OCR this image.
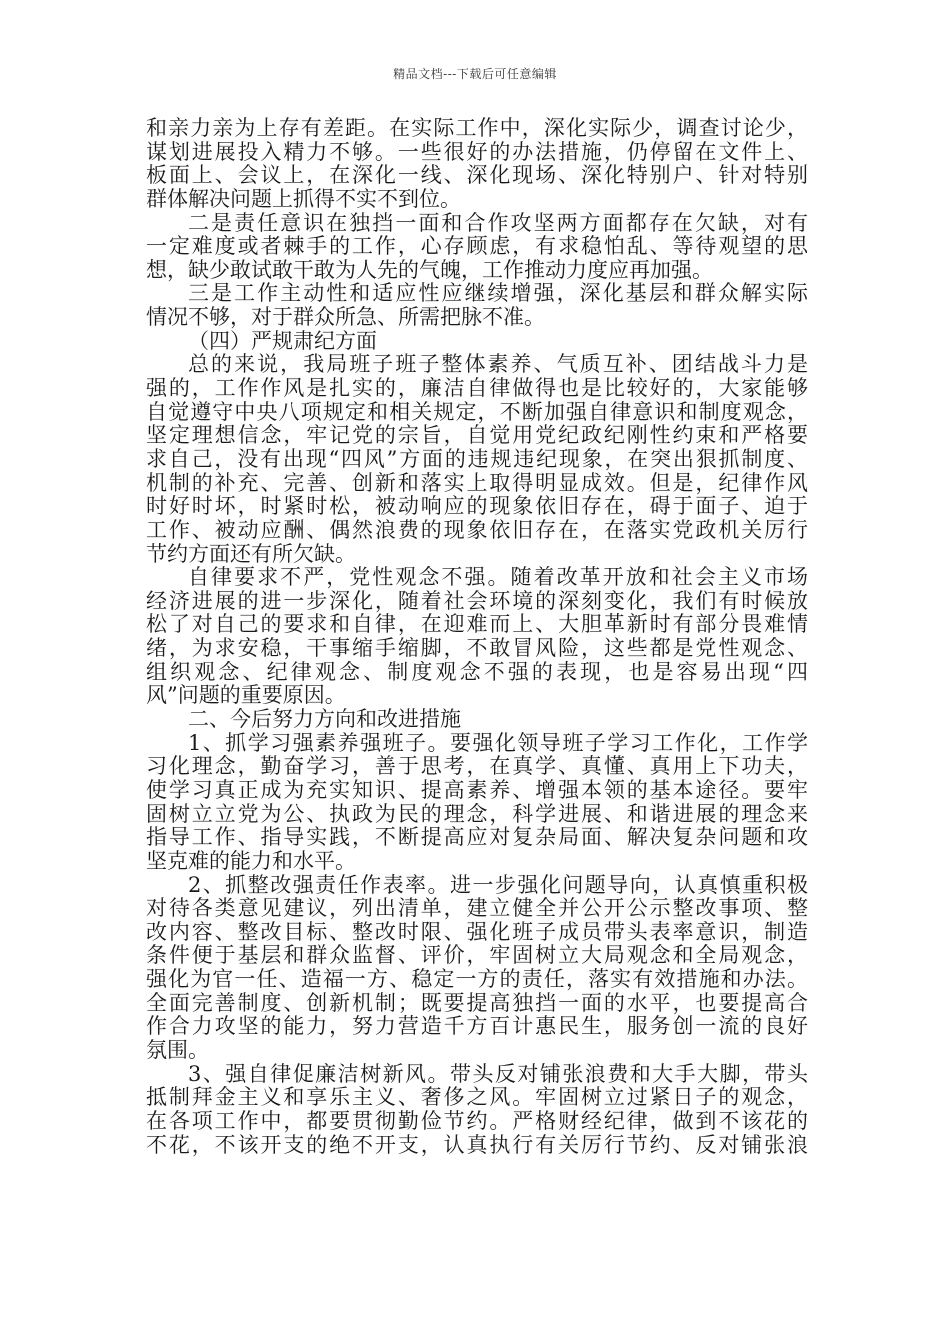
精品文档---下载后可任意编辑
和亲力亲为上存有差距。在实际工作中，深化实际少，调查讨论少，
谋划进展投入精力不够。一些很好的办法措施，仍停留在文件上、
板面上、会议上，在深化一线、深化现场、深化特别户、针对特别
群体解决问题上抓得不实不到位。
二是责任意识在独挡一面和合作攻坚两方面都存在欠缺，对有
一定难度或者棘手的工作，心存顾虑，有求稳怕乱、等待观望的思
想，缺少敢试敢干敢为人先的气魄，工作推动力度应再加强。
三是工作主动性和适应性应继续增强，深化基层和群众解实际
情况不够，对于群众所急、所需把脉不准。
（四）严规肃纪方面
总的来说，我局班子班子整体素养、气质互补、团结战斗力是
强的，工作作风是扎实的，廉洁自律做得也是比较好的，大家能够
自觉遵守中央八项规定和相关规定，不断加强自律意识和制度观念，
坚定理想信念，牢记党的宗旨，自觉用党纪政纪刚性约束和严格要
求自己，没有出现“四风”方面的违规违纪现象，在突出狠抓制度、
机制的补充、完善、创新和落实上取得明显成效。但是，纪律作风
时好时坏，时紧时松，被动响应的现象依旧存在，碍于面子、迫于
工作、被动应酬、偶然浪费的现象依旧存在，在落实党政机关厉行
节约方面还有所欠缺。
自律要求不严，党性观念不强。随着改革开放和社会主义市场
经济进展的进一步深化，随着社会环境的深刻变化，我们有时候放
松了对自己的要求和自律，在迎难而上、大胆革新时有部分畏难情
绪，为求安稳，干事缩手缩脚，不敢冒风险，这些都是党性观念、
组织观念、纪律观念、制度观念不强的表现，也是容易出现“四
风”问题的重要原因。
二、今后努力方向和改进措施
1、抓学习强素养强班子。要强化领导班子学习工作化，工作学
习化理念，勤奋学习，善于思考，在真学、真懂、真用上下功夫，
使学习真正成为充实知识、提高素养、增强本领的基本途径。要牢
固树立立党为公、执政为民的理念，科学进展、和谐进展的理念来
指导工作、指导实践，不断提高应对复杂局面、解决复杂问题和攻
坚克难的能力和水平。
2、抓整改强责任作表率。进一步强化问题导向，认真慎重积极
对待各类意见建议，列出清单，建立健全并公开公示整改事项、整
改内容、整改目标、整改时限、强化班子成员带头表率意识，制造
条件便于基层和群众监督、评价，牢固树立大局观念和全局观念，
强化为官一任、造福一方、稳定一方的责任，落实有效措施和办法。
全面完善制度、创新机制；既要提高独挡一面的水平，也要提高合
作合力攻坚的能力，努力营造千方百计惠民生，服务创一流的良好
氛围。
3、强自律促廉洁树新风。带头反对铺张浪费和大手大脚，带头
抵制拜金主义和享乐主义、奢侈之风。牢固树立过紧日子的观念，
在各项工作中，都要贯彻勤俭节约。严格财经纪律，做到不该花的
不花，不该开支的绝不开支，认真执行有关厉行节约、反对铺张浪
